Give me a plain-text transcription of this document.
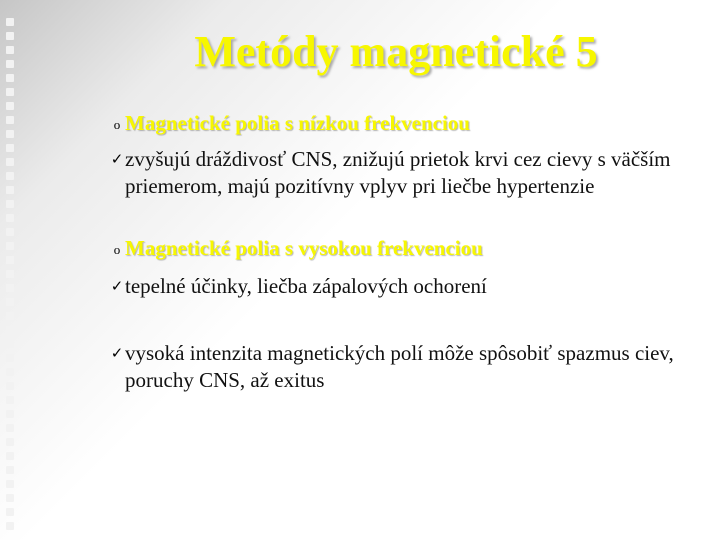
Metódy magnetické 5
o Magnetické polia s nízkou frekvenciou
✓ zvyšujú dráždivosť CNS, znižujú prietok krvi cez cievy s väčším priemerom, majú pozitívny vplyv pri liečbe hypertenzie
o Magnetické polia s vysokou frekvenciou
✓ tepelné účinky, liečba zápalových ochorení
✓ vysoká intenzita magnetických polí môže spôsobiť spazmus ciev, poruchy CNS, až exitus
